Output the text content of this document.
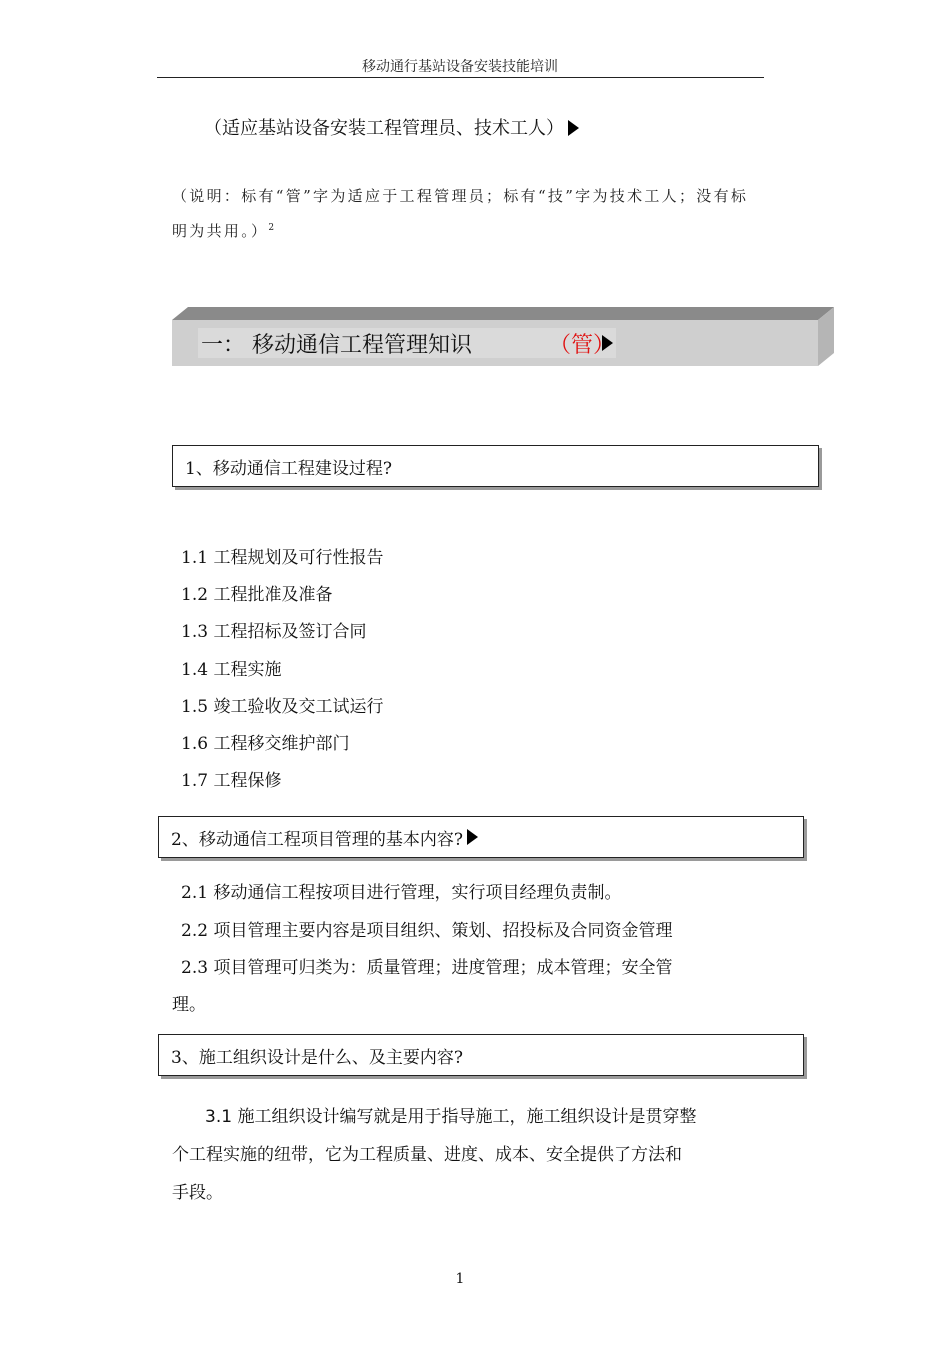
移动通行基站设备安装技能培训
（适应基站设备安装工程管理员、技术工人）
（说明：标有“管”字为适应于工程管理员；标有“技”字为技术工人；没有标
明为共用。）$^2$
一： 移动通信工程管理知识	（管）
1、移动通信工程建设过程?
1.1 工程规划及可行性报告
1.2 工程批准及准备
1.3 工程招标及签订合同
1.4 工程实施
1.5 竣工验收及交工试运行
1.6 工程移交维护部门
1.7 工程保修
2、移动通信工程项目管理的基本内容?
2.1 移动通信工程按项目进行管理，实行项目经理负责制。
2.2 项目管理主要内容是项目组织、策划、招投标及合同资金管理
2.3 项目管理可归类为：质量管理；进度管理；成本管理；安全管
理。
3、施工组织设计是什么、及主要内容?
3.1 施工组织设计编写就是用于指导施工，施工组织设计是贯穿整
个工程实施的纽带，它为工程质量、进度、成本、安全提供了方法和
手段。
1
